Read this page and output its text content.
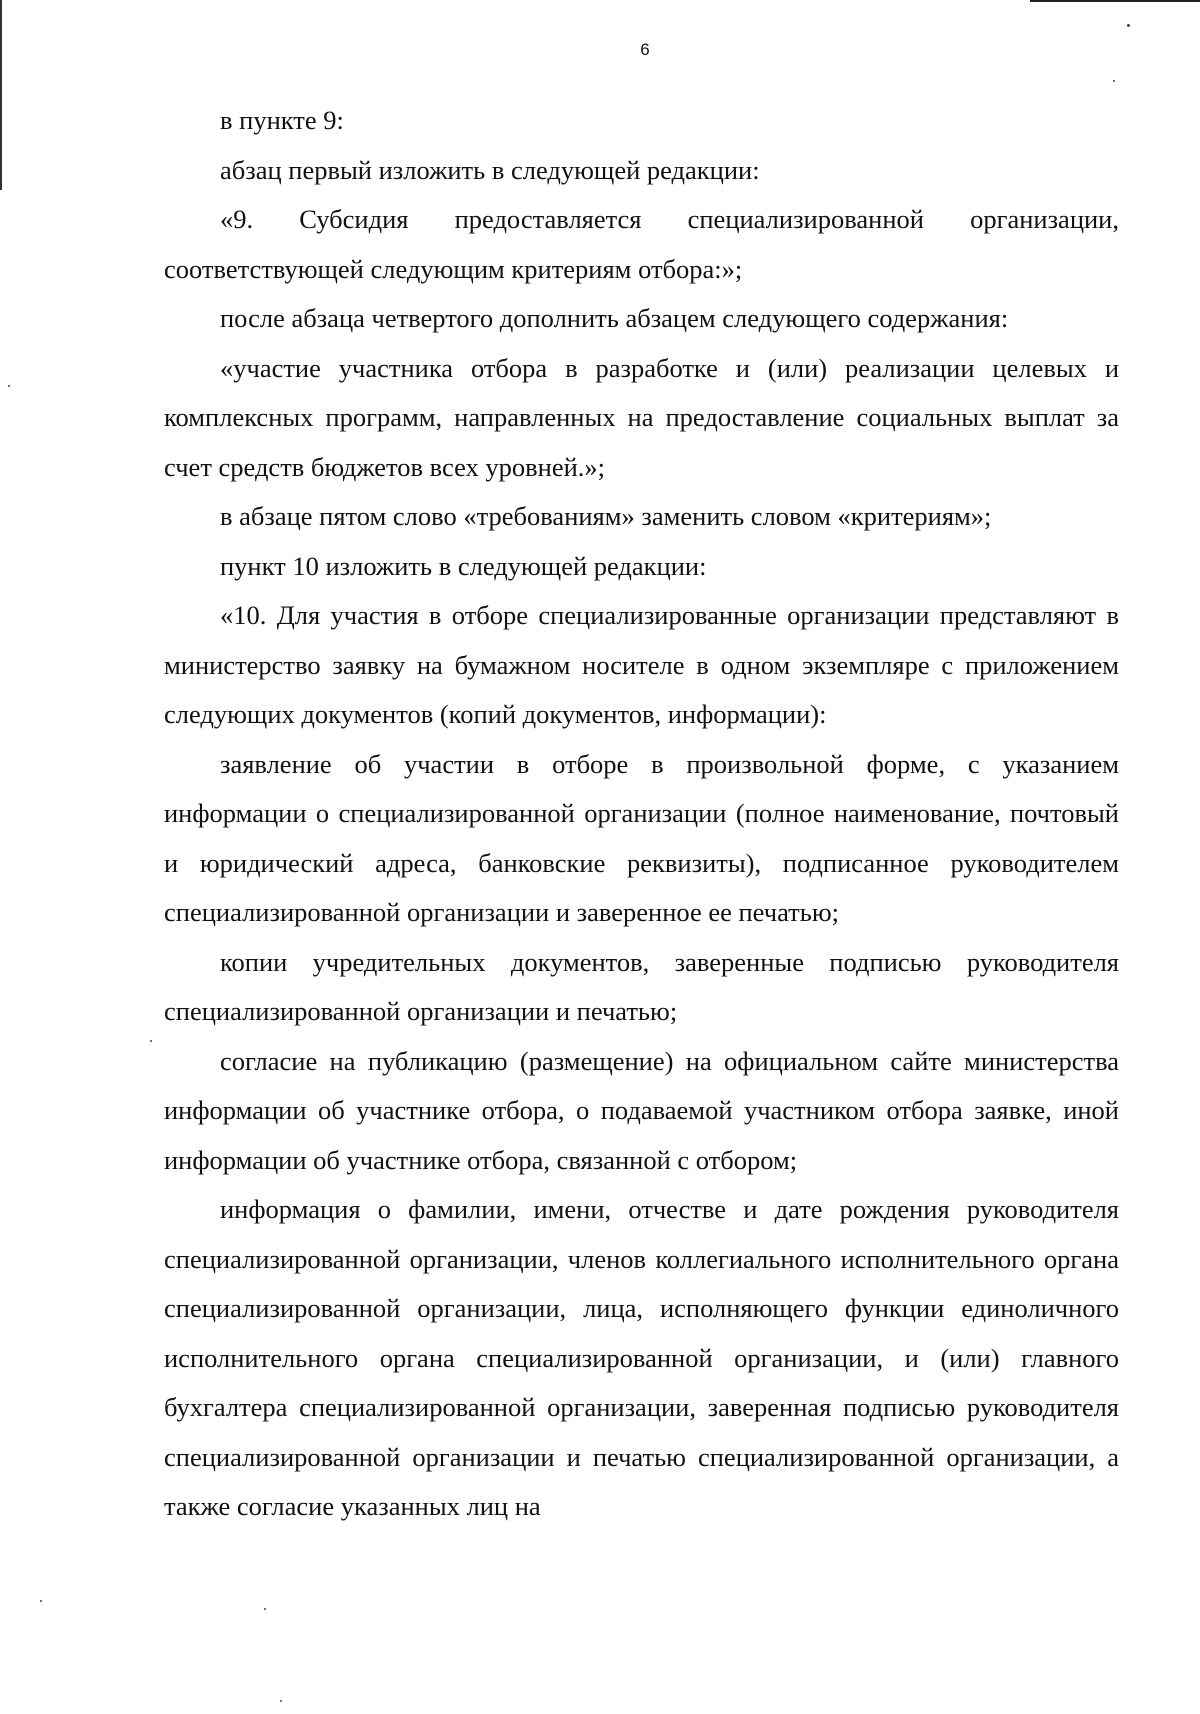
6

в пункте 9:

абзац первый изложить в следующей редакции:

«9. Субсидия предоставляется специализированной организации, соответствующей следующим критериям отбора:»;

после абзаца четвертого дополнить абзацем следующего содержания:

«участие участника отбора в разработке и (или) реализации целевых и комплексных программ, направленных на предоставление социальных выплат за счет средств бюджетов всех уровней.»;

в абзаце пятом слово «требованиям» заменить словом «критериям»;

пункт 10 изложить в следующей редакции:

«10. Для участия в отборе специализированные организации представляют в министерство заявку на бумажном носителе в одном экземпляре с приложением следующих документов (копий документов, информации):

заявление об участии в отборе в произвольной форме, с указанием информации о специализированной организации (полное наименование, почтовый и юридический адреса, банковские реквизиты), подписанное руководителем специализированной организации и заверенное ее печатью;

копии учредительных документов, заверенные подписью руководителя специализированной организации и печатью;

согласие на публикацию (размещение) на официальном сайте министерства информации об участнике отбора, о подаваемой участником отбора заявке, иной информации об участнике отбора, связанной с отбором;

информация о фамилии, имени, отчестве и дате рождения руководителя специализированной организации, членов коллегиального исполнительного органа специализированной организации, лица, исполняющего функции единоличного исполнительного органа специализированной организации, и (или) главного бухгалтера специализированной организации, заверенная подписью руководителя специализированной организации и печатью специализированной организации, а также согласие указанных лиц на
